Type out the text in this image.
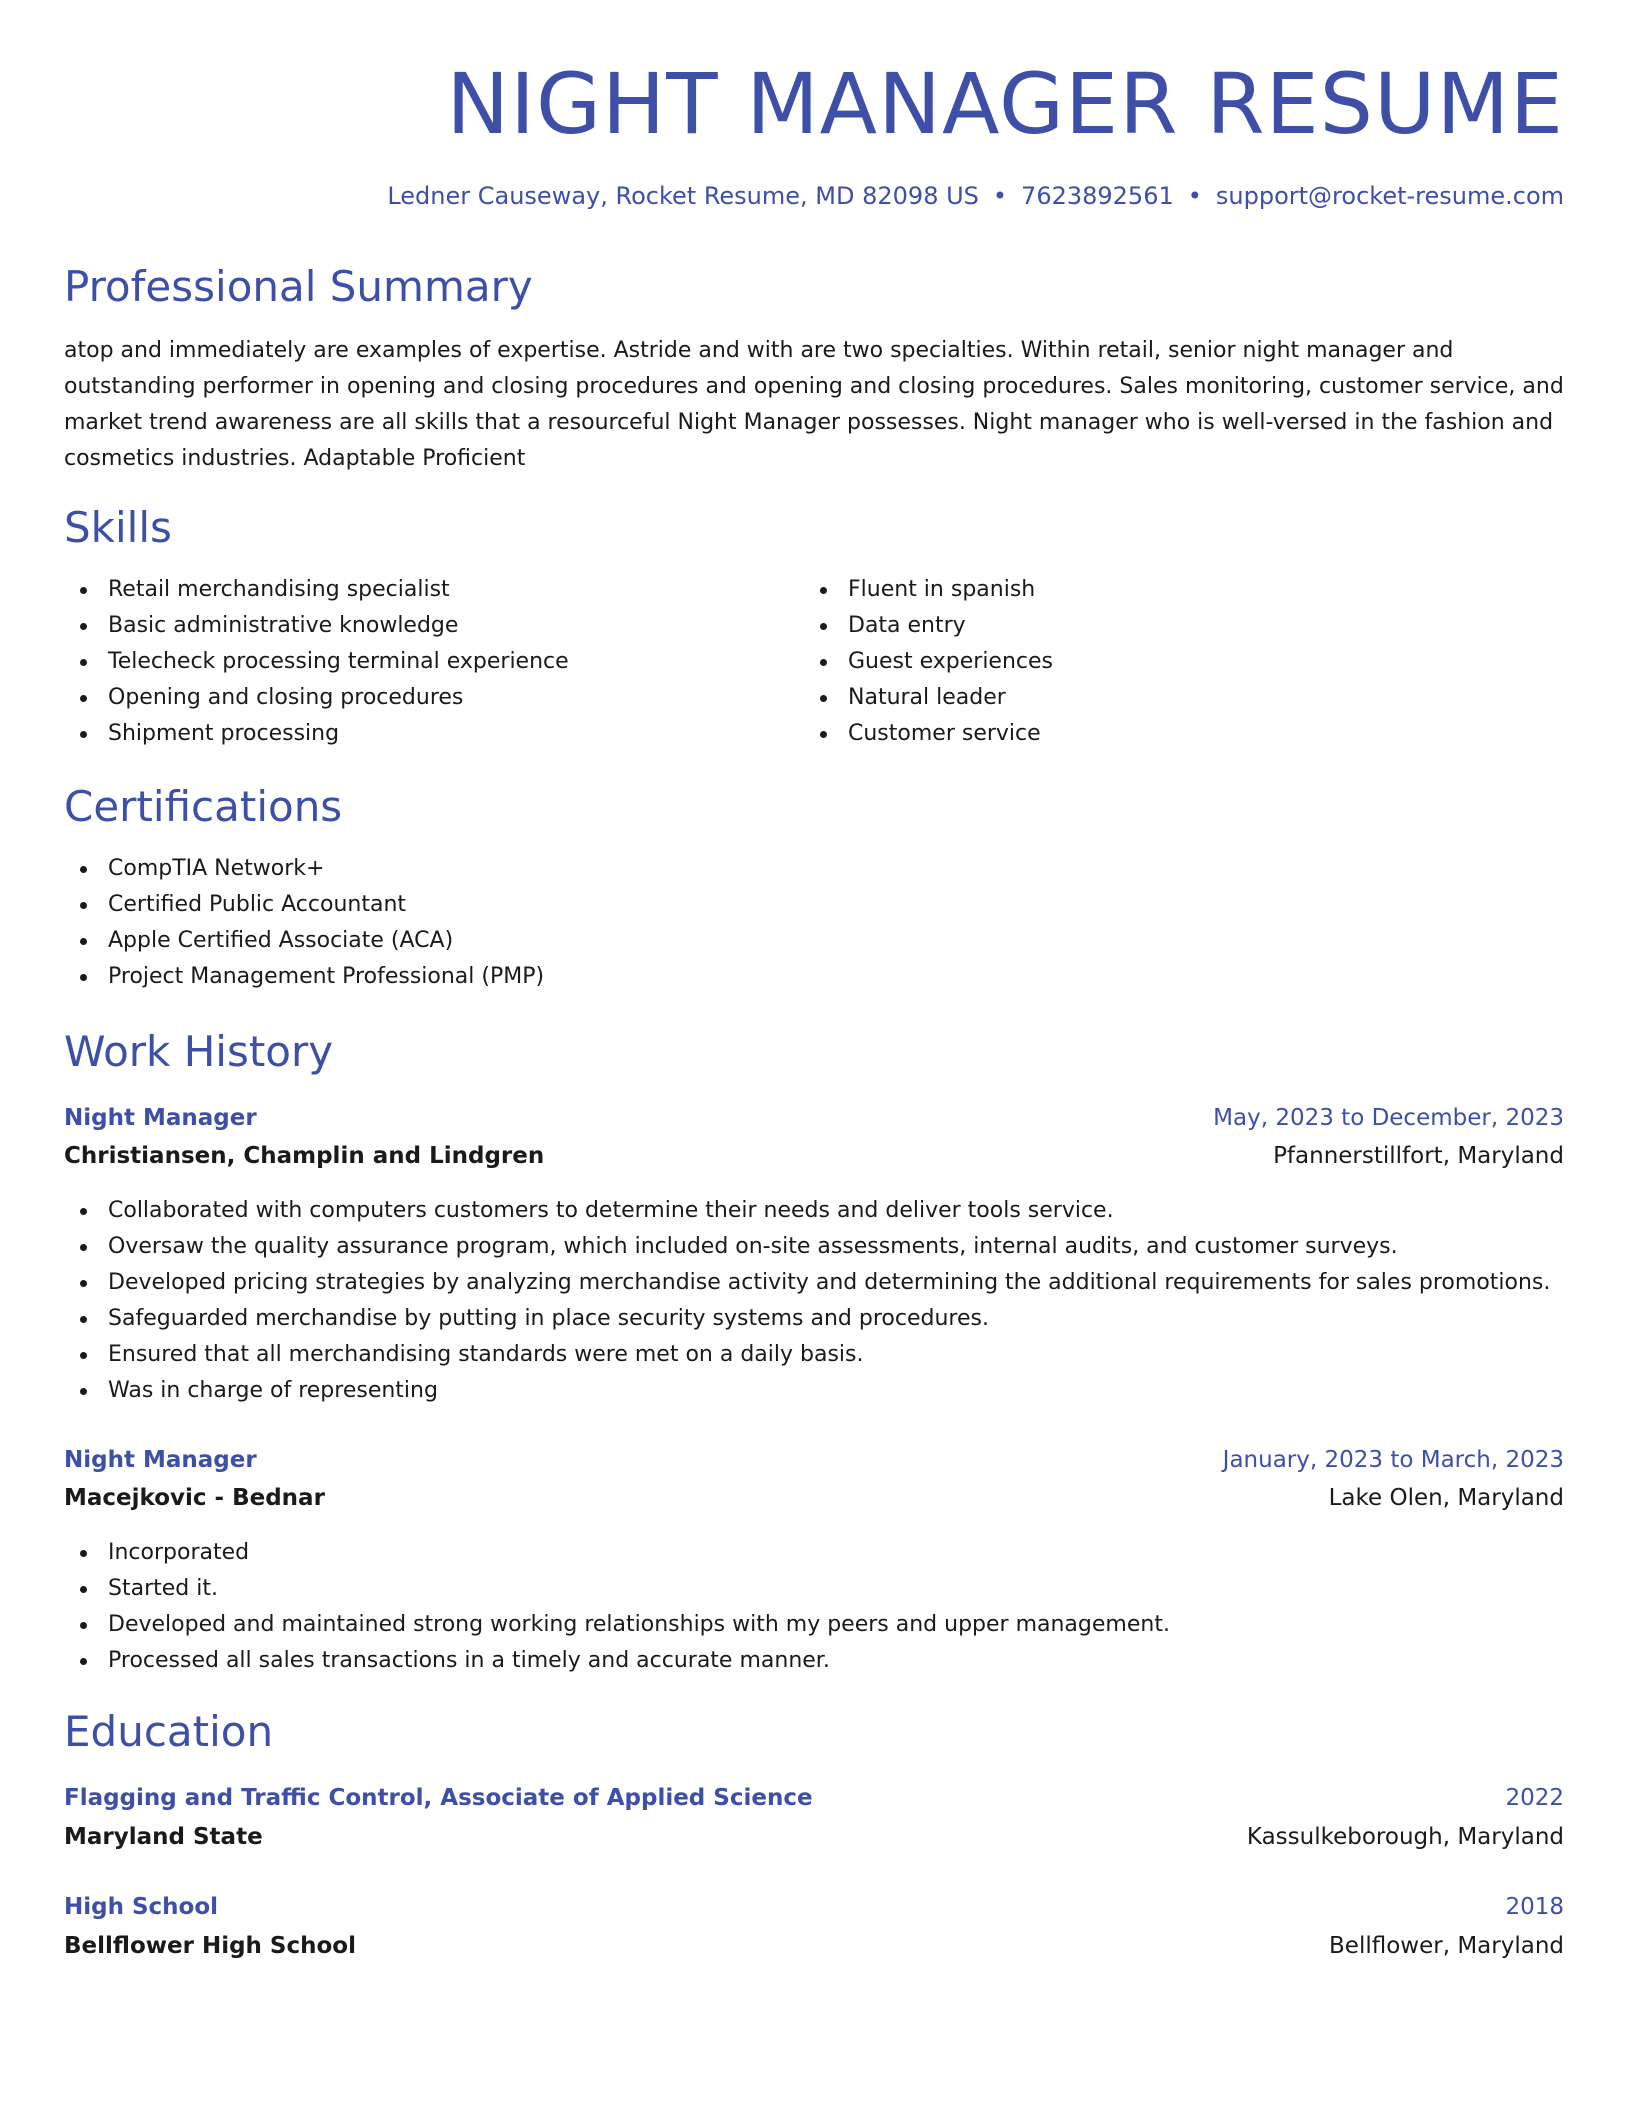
NIGHT MANAGER RESUME
Ledner Causeway, Rocket Resume, MD 82098 US • 7623892561 • support@rocket-resume.com
Professional Summary

atop and immediately are examples of expertise. Astride and with are two specialties. Within retail, senior night manager and outstanding performer in opening and closing procedures and opening and closing procedures. Sales monitoring, customer service, and market trend awareness are all skills that a resourceful Night Manager possesses. Night manager who is well-versed in the fashion and cosmetics industries. Adaptable Proficient

Skills
Retail merchandising specialist
Basic administrative knowledge
Telecheck processing terminal experience
Opening and closing procedures
Shipment processing
Fluent in spanish
Data entry
Guest experiences
Natural leader
Customer service
Certifications
CompTIA Network+
Certified Public Accountant
Apple Certified Associate (ACA)
Project Management Professional (PMP)
Work History
Night Manager	May, 2023 to December, 2023
Christiansen, Champlin and Lindgren	Pfannerstillfort, Maryland
Collaborated with computers customers to determine their needs and deliver tools service.
Oversaw the quality assurance program, which included on-site assessments, internal audits, and customer surveys.
Developed pricing strategies by analyzing merchandise activity and determining the additional requirements for sales promotions.
Safeguarded merchandise by putting in place security systems and procedures.
Ensured that all merchandising standards were met on a daily basis.
Was in charge of representing
Night Manager	January, 2023 to March, 2023
Macejkovic - Bednar	Lake Olen, Maryland
Incorporated
Started it.
Developed and maintained strong working relationships with my peers and upper management.
Processed all sales transactions in a timely and accurate manner.
Education
Flagging and Traffic Control, Associate of Applied Science	2022
Maryland State	Kassulkeborough, Maryland
High School	2018
Bellflower High School	Bellflower, Maryland
